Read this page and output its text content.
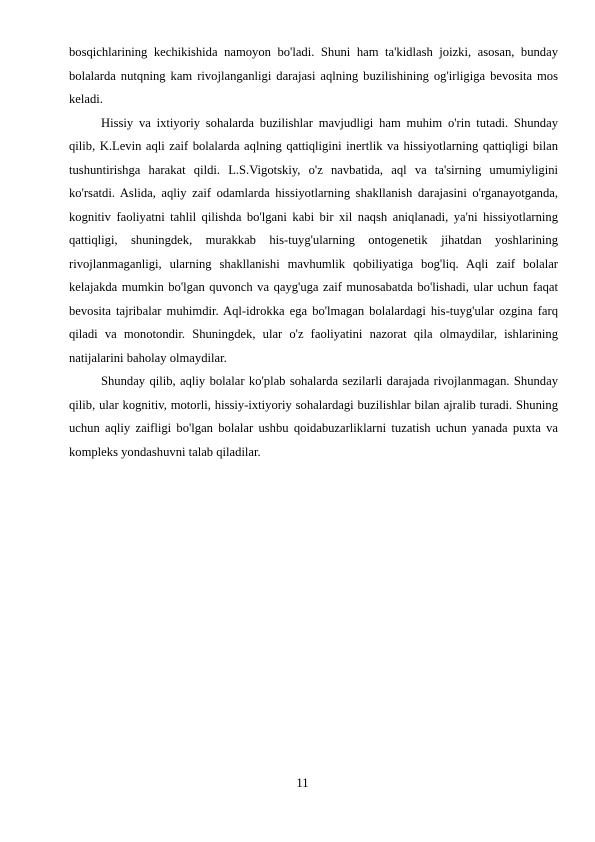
bosqichlarining kechikishida namoyon bo'ladi. Shuni ham ta'kidlash joizki, asosan, bunday bolalarda nutqning kam rivojlanganligi darajasi aqlning buzilishining og'irligiga bevosita mos keladi.

Hissiy va ixtiyoriy sohalarda buzilishlar mavjudligi ham muhim o'rin tutadi. Shunday qilib, K.Levin aqli zaif bolalarda aqlning qattiqligini inertlik va hissiyotlarning qattiqligi bilan tushuntirishga harakat qildi. L.S.Vigotskiy, o'z navbatida, aql va ta'sirning umumiyligini ko'rsatdi. Aslida, aqliy zaif odamlarda hissiyotlarning shakllanish darajasini o'rganayotganda, kognitiv faoliyatni tahlil qilishda bo'lgani kabi bir xil naqsh aniqlanadi, ya'ni hissiyotlarning qattiqligi, shuningdek, murakkab his-tuyg'ularning ontogenetik jihatdan yoshlarining rivojlanmaganligi, ularning shakllanishi mavhumlik qobiliyatiga bog'liq. Aqli zaif bolalar kelajakda mumkin bo'lgan quvonch va qayg'uga zaif munosabatda bo'lishadi, ular uchun faqat bevosita tajribalar muhimdir. Aql-idrokka ega bo'lmagan bolalardagi his-tuyg'ular ozgina farq qiladi va monotondir. Shuningdek, ular o'z faoliyatini nazorat qila olmaydilar, ishlarining natijalarini baholay olmaydilar.

Shunday qilib, aqliy bolalar ko'plab sohalarda sezilarli darajada rivojlanmagan. Shunday qilib, ular kognitiv, motorli, hissiy-ixtiyoriy sohalardagi buzilishlar bilan ajralib turadi. Shuning uchun aqliy zaifligi bo'lgan bolalar ushbu qoidabuzarliklarni tuzatish uchun yanada puxta va kompleks yondashuvni talab qiladilar.

11
